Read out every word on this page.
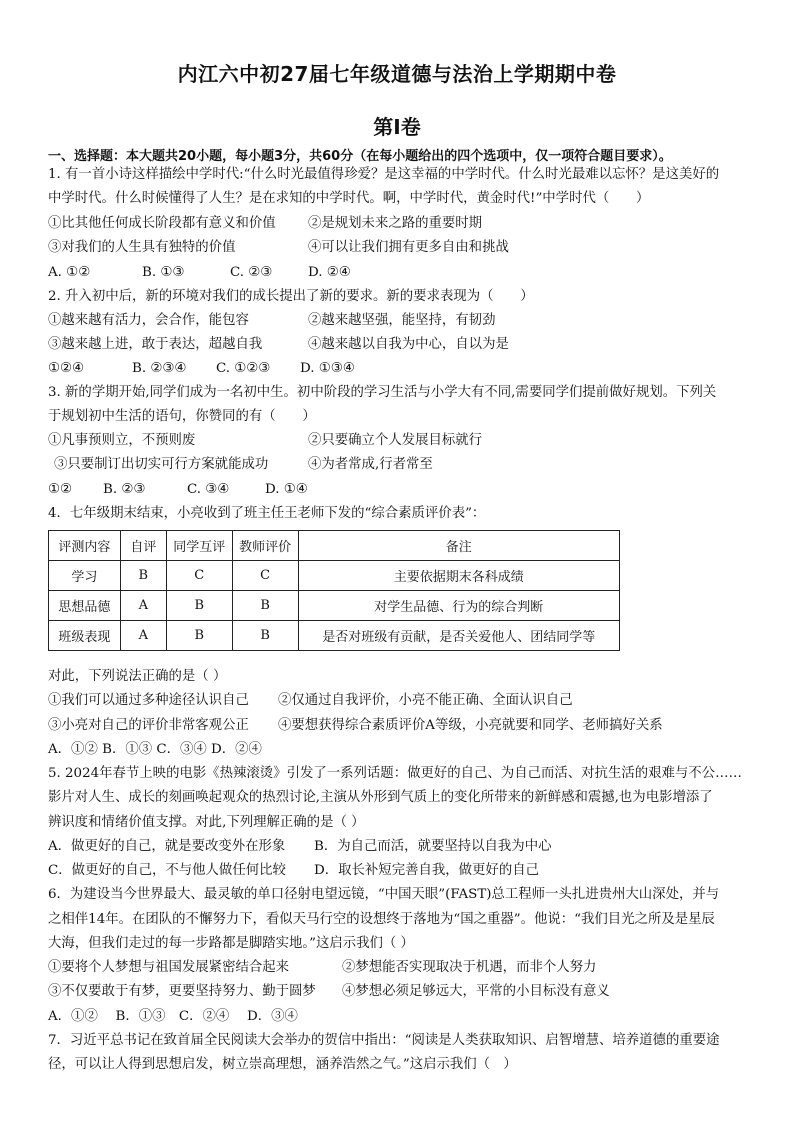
内江六中初27届七年级道德与法治上学期期中卷
第Ⅰ卷
一、选择题：本大题共20小题，每小题3分，共60分（在每小题给出的四个选项中，仅一项符合题目要求）。
1. 有一首小诗这样描绘中学时代:“什么时光最值得珍爱？是这幸福的中学时代。什么时光最难以忘怀？是这美好的
中学时代。什么时候懂得了人生？是在求知的中学时代。啊，中学时代，黄金时代!”中学时代（　　）
①比其他任何成长阶段都有意义和价值 ②是规划未来之路的重要时期
③对我们的人生具有独特的价值	④可以让我们拥有更多自由和挑战
A. ①②	B. ①③	C. ②③	D. ②④
2. 升入初中后，新的环境对我们的成长提出了新的要求。新的要求表现为（　　）
①越来越有活力，会合作，能包容	②越来越坚强，能坚持，有韧劲
③越来越上进，敢于表达，超越自我	④越来越以自我为中心，自以为是
①②④	B. ②③④ C. ①②③ D. ①③④
3. 新的学期开始,同学们成为一名初中生。初中阶段的学习生活与小学大有不同,需要同学们提前做好规划。下列关
于规划初中生活的语句，你赞同的有（　　）
①凡事预则立，不预则废	②只要确立个人发展目标就行
③只要制订出切实可行方案就能成功	④为者常成,行者常至
①② B. ②③	C. ③④	D. ①④
4．七年级期末结束，小亮收到了班主任王老师下发的“综合素质评价表”：
评测内容	自评	同学互评	教师评价	备注
学习	B	C	C	主要依据期末各科成绩
思想品德	A	B	B	对学生品德、行为的综合判断
班级表现	A	B	B	是否对班级有贡献，是否关爱他人、团结同学等
对此，下列说法正确的是（ ）
①我们可以通过多种途径认识自己 ②仅通过自我评价，小亮不能正确、全面认识自己
③小亮对自己的评价非常客观公正 ④要想获得综合素质评价A等级，小亮就要和同学、老师搞好关系
A．①② B．①③ C．③④ D．②④
5. 2024年春节上映的电影《热辣滚烫》引发了一系列话题：做更好的自己、为自己而活、对抗生活的艰难与不公……
影片对人生、成长的刻画唤起观众的热烈讨论,主演从外形到气质上的变化所带来的新鲜感和震撼,也为电影增添了
辨识度和情绪价值支撑。对此,下列理解正确的是（ ）
A．做更好的自己，就是要改变外在形象 B．为自己而活，就要坚持以自我为中心
C．做更好的自己，不与他人做任何比较 D．取长补短完善自我，做更好的自己
6．为建设当今世界最大、最灵敏的单口径射电望远镜，“中国天眼”(FAST)总工程师一头扎进贵州大山深处，并与
之相伴14年。在团队的不懈努力下，看似天马行空的设想终于落地为“国之重器”。他说：“我们目光之所及是星辰
大海，但我们走过的每一步路都是脚踏实地。”这启示我们（ ）
①要将个人梦想与祖国发展紧密结合起来	②梦想能否实现取决于机遇，而非个人努力
③不仅要敢于有梦，更要坚持努力、勤于圆梦 ④梦想必须足够远大，平常的小目标没有意义
A．①②　 B．①③　C．②④　 D．③④
7．习近平总书记在致首届全民阅读大会举办的贺信中指出：“阅读是人类获取知识、启智增慧、培养道德的重要途
径，可以让人得到思想启发，树立崇高理想，涵养浩然之气。”这启示我们（　）
